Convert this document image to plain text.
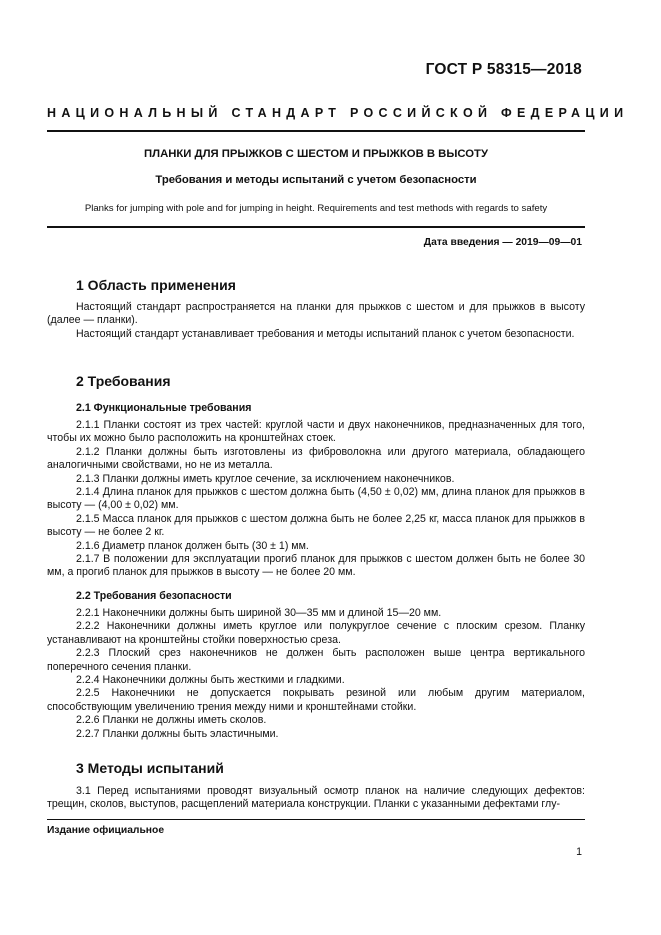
ГОСТ Р 58315—2018
НАЦИОНАЛЬНЫЙ СТАНДАРТ РОССИЙСКОЙ ФЕДЕРАЦИИ
ПЛАНКИ ДЛЯ ПРЫЖКОВ С ШЕСТОМ И ПРЫЖКОВ В ВЫСОТУ
Требования и методы испытаний с учетом безопасности
Planks for jumping with pole and for jumping in height. Requirements and test methods with regards to safety
Дата введения — 2019—09—01
1 Область применения

Настоящий стандарт распространяется на планки для прыжков с шестом и для прыжков в высоту (далее — планки).

Настоящий стандарт устанавливает требования и методы испытаний планок с учетом безопасности.

2 Требования
2.1 Функциональные требования

2.1.1 Планки состоят из трех частей: круглой части и двух наконечников, предназначенных для того, чтобы их можно было расположить на кронштейнах стоек.

2.1.2 Планки должны быть изготовлены из фиброволокна или другого материала, обладающего аналогичными свойствами, но не из металла.

2.1.3 Планки должны иметь круглое сечение, за исключением наконечников.

2.1.4 Длина планок для прыжков с шестом должна быть (4,50 ± 0,02) мм, длина планок для прыжков в высоту — (4,00 ± 0,02) мм.

2.1.5 Масса планок для прыжков с шестом должна быть не более 2,25 кг, масса планок для прыжков в высоту — не более 2 кг.

2.1.6 Диаметр планок должен быть (30 ± 1) мм.

2.1.7 В положении для эксплуатации прогиб планок для прыжков с шестом должен быть не более 30 мм, а прогиб планок для прыжков в высоту — не более 20 мм.

2.2 Требования безопасности

2.2.1 Наконечники должны быть шириной 30—35 мм и длиной 15—20 мм.

2.2.2 Наконечники должны иметь круглое или полукруглое сечение с плоским срезом. Планку устанавливают на кронштейны стойки поверхностью среза.

2.2.3 Плоский срез наконечников не должен быть расположен выше центра вертикального поперечного сечения планки.

2.2.4 Наконечники должны быть жесткими и гладкими.

2.2.5 Наконечники не допускается покрывать резиной или любым другим материалом, способствующим увеличению трения между ними и кронштейнами стойки.

2.2.6 Планки не должны иметь сколов.

2.2.7 Планки должны быть эластичными.

3 Методы испытаний

3.1 Перед испытаниями проводят визуальный осмотр планок на наличие следующих дефектов: трещин, сколов, выступов, расщеплений материала конструкции. Планки с указанными дефектами глу-

Издание официальное
1
